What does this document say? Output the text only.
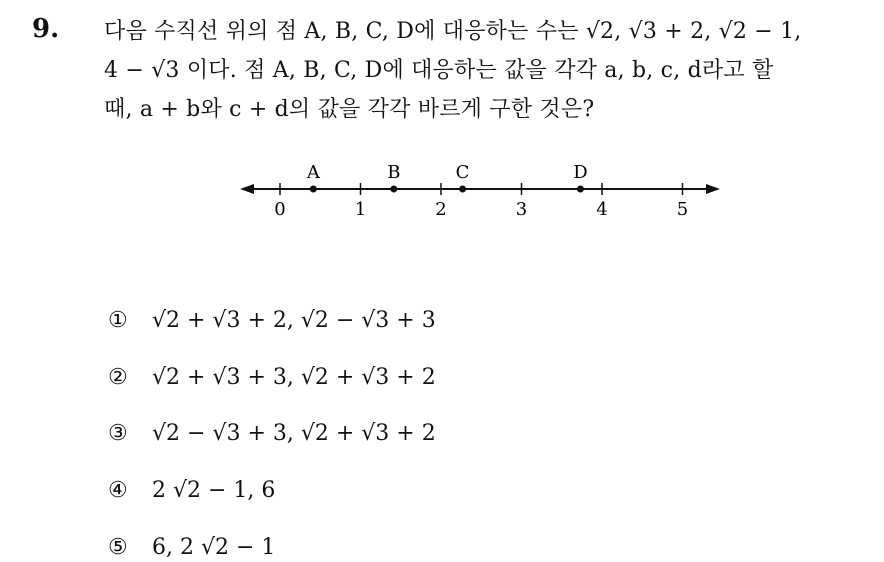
9. 다음 수직선 위의 점 A, B, C, D에 대응하는 수는 √2, √3 + 2, √2 − 1,
4 − √3 이다. 점 A, B, C, D에 대응하는 값을 각각 a, b, c, d라고 할
때, a + b와 c + d의 값을 각각 바르게 구한 것은?
0	1	2	3	4	5
A	B	C	D
① √2 + √3 + 2, √2 − √3 + 3
② √2 + √3 + 3, √2 + √3 + 2
③ √2 − √3 + 3, √2 + √3 + 2
④ 2 √2 − 1, 6
⑤ 6, 2 √2 − 1
